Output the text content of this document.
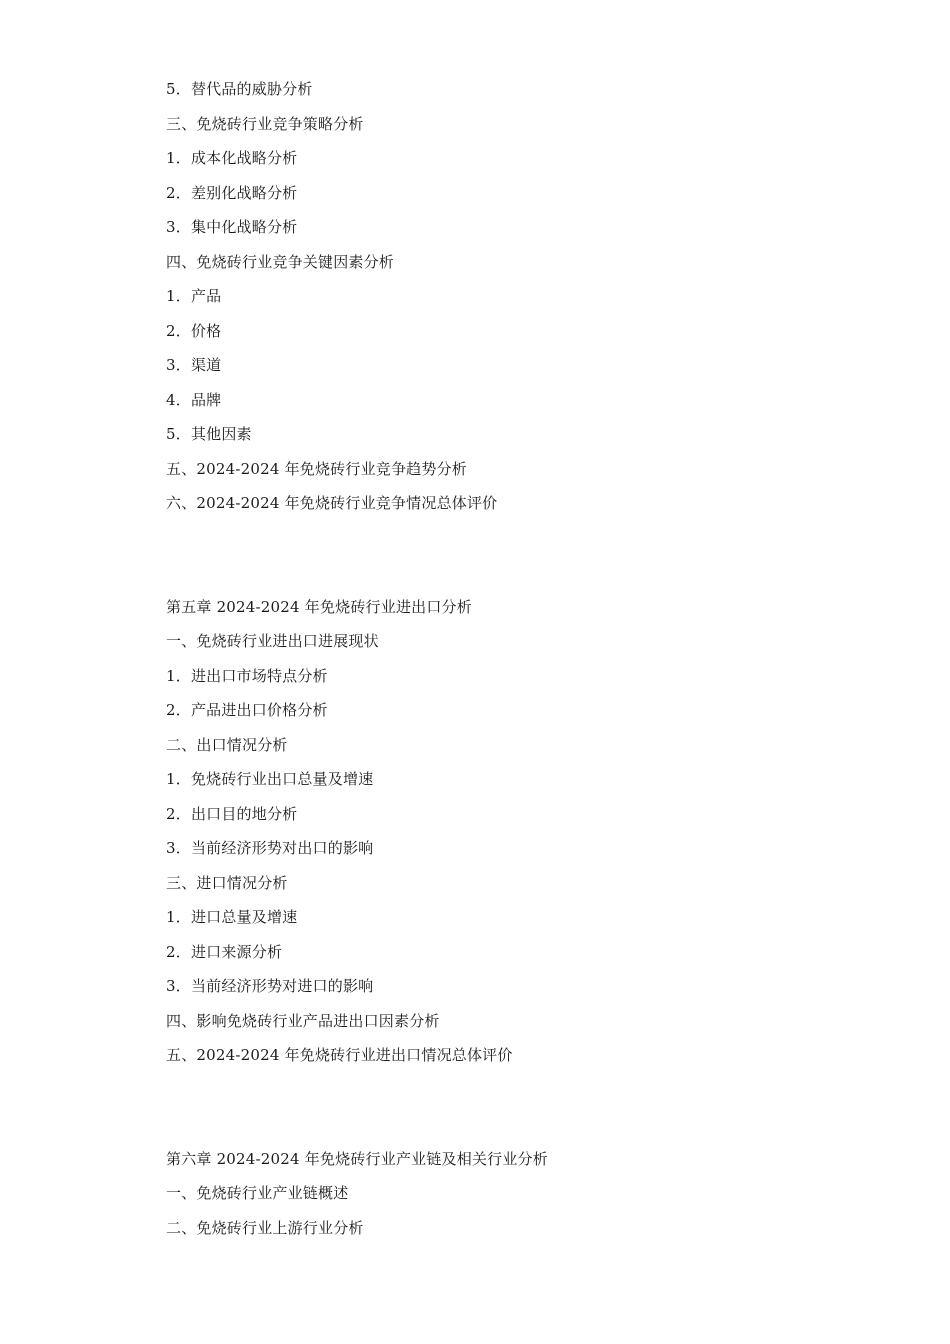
5．替代品的威胁分析
三、免烧砖行业竞争策略分析
1．成本化战略分析
2．差别化战略分析
3．集中化战略分析
四、免烧砖行业竞争关键因素分析
1．产品
2．价格
3．渠道
4．品牌
5．其他因素
五、2024-2024 年免烧砖行业竞争趋势分析
六、2024-2024 年免烧砖行业竞争情况总体评价
第五章 2024-2024 年免烧砖行业进出口分析
一、免烧砖行业进出口进展现状
1．进出口市场特点分析
2．产品进出口价格分析
二、出口情况分析
1．免烧砖行业出口总量及增速
2．出口目的地分析
3．当前经济形势对出口的影响
三、进口情况分析
1．进口总量及增速
2．进口来源分析
3．当前经济形势对进口的影响
四、影响免烧砖行业产品进出口因素分析
五、2024-2024 年免烧砖行业进出口情况总体评价
第六章 2024-2024 年免烧砖行业产业链及相关行业分析
一、免烧砖行业产业链概述
二、免烧砖行业上游行业分析
